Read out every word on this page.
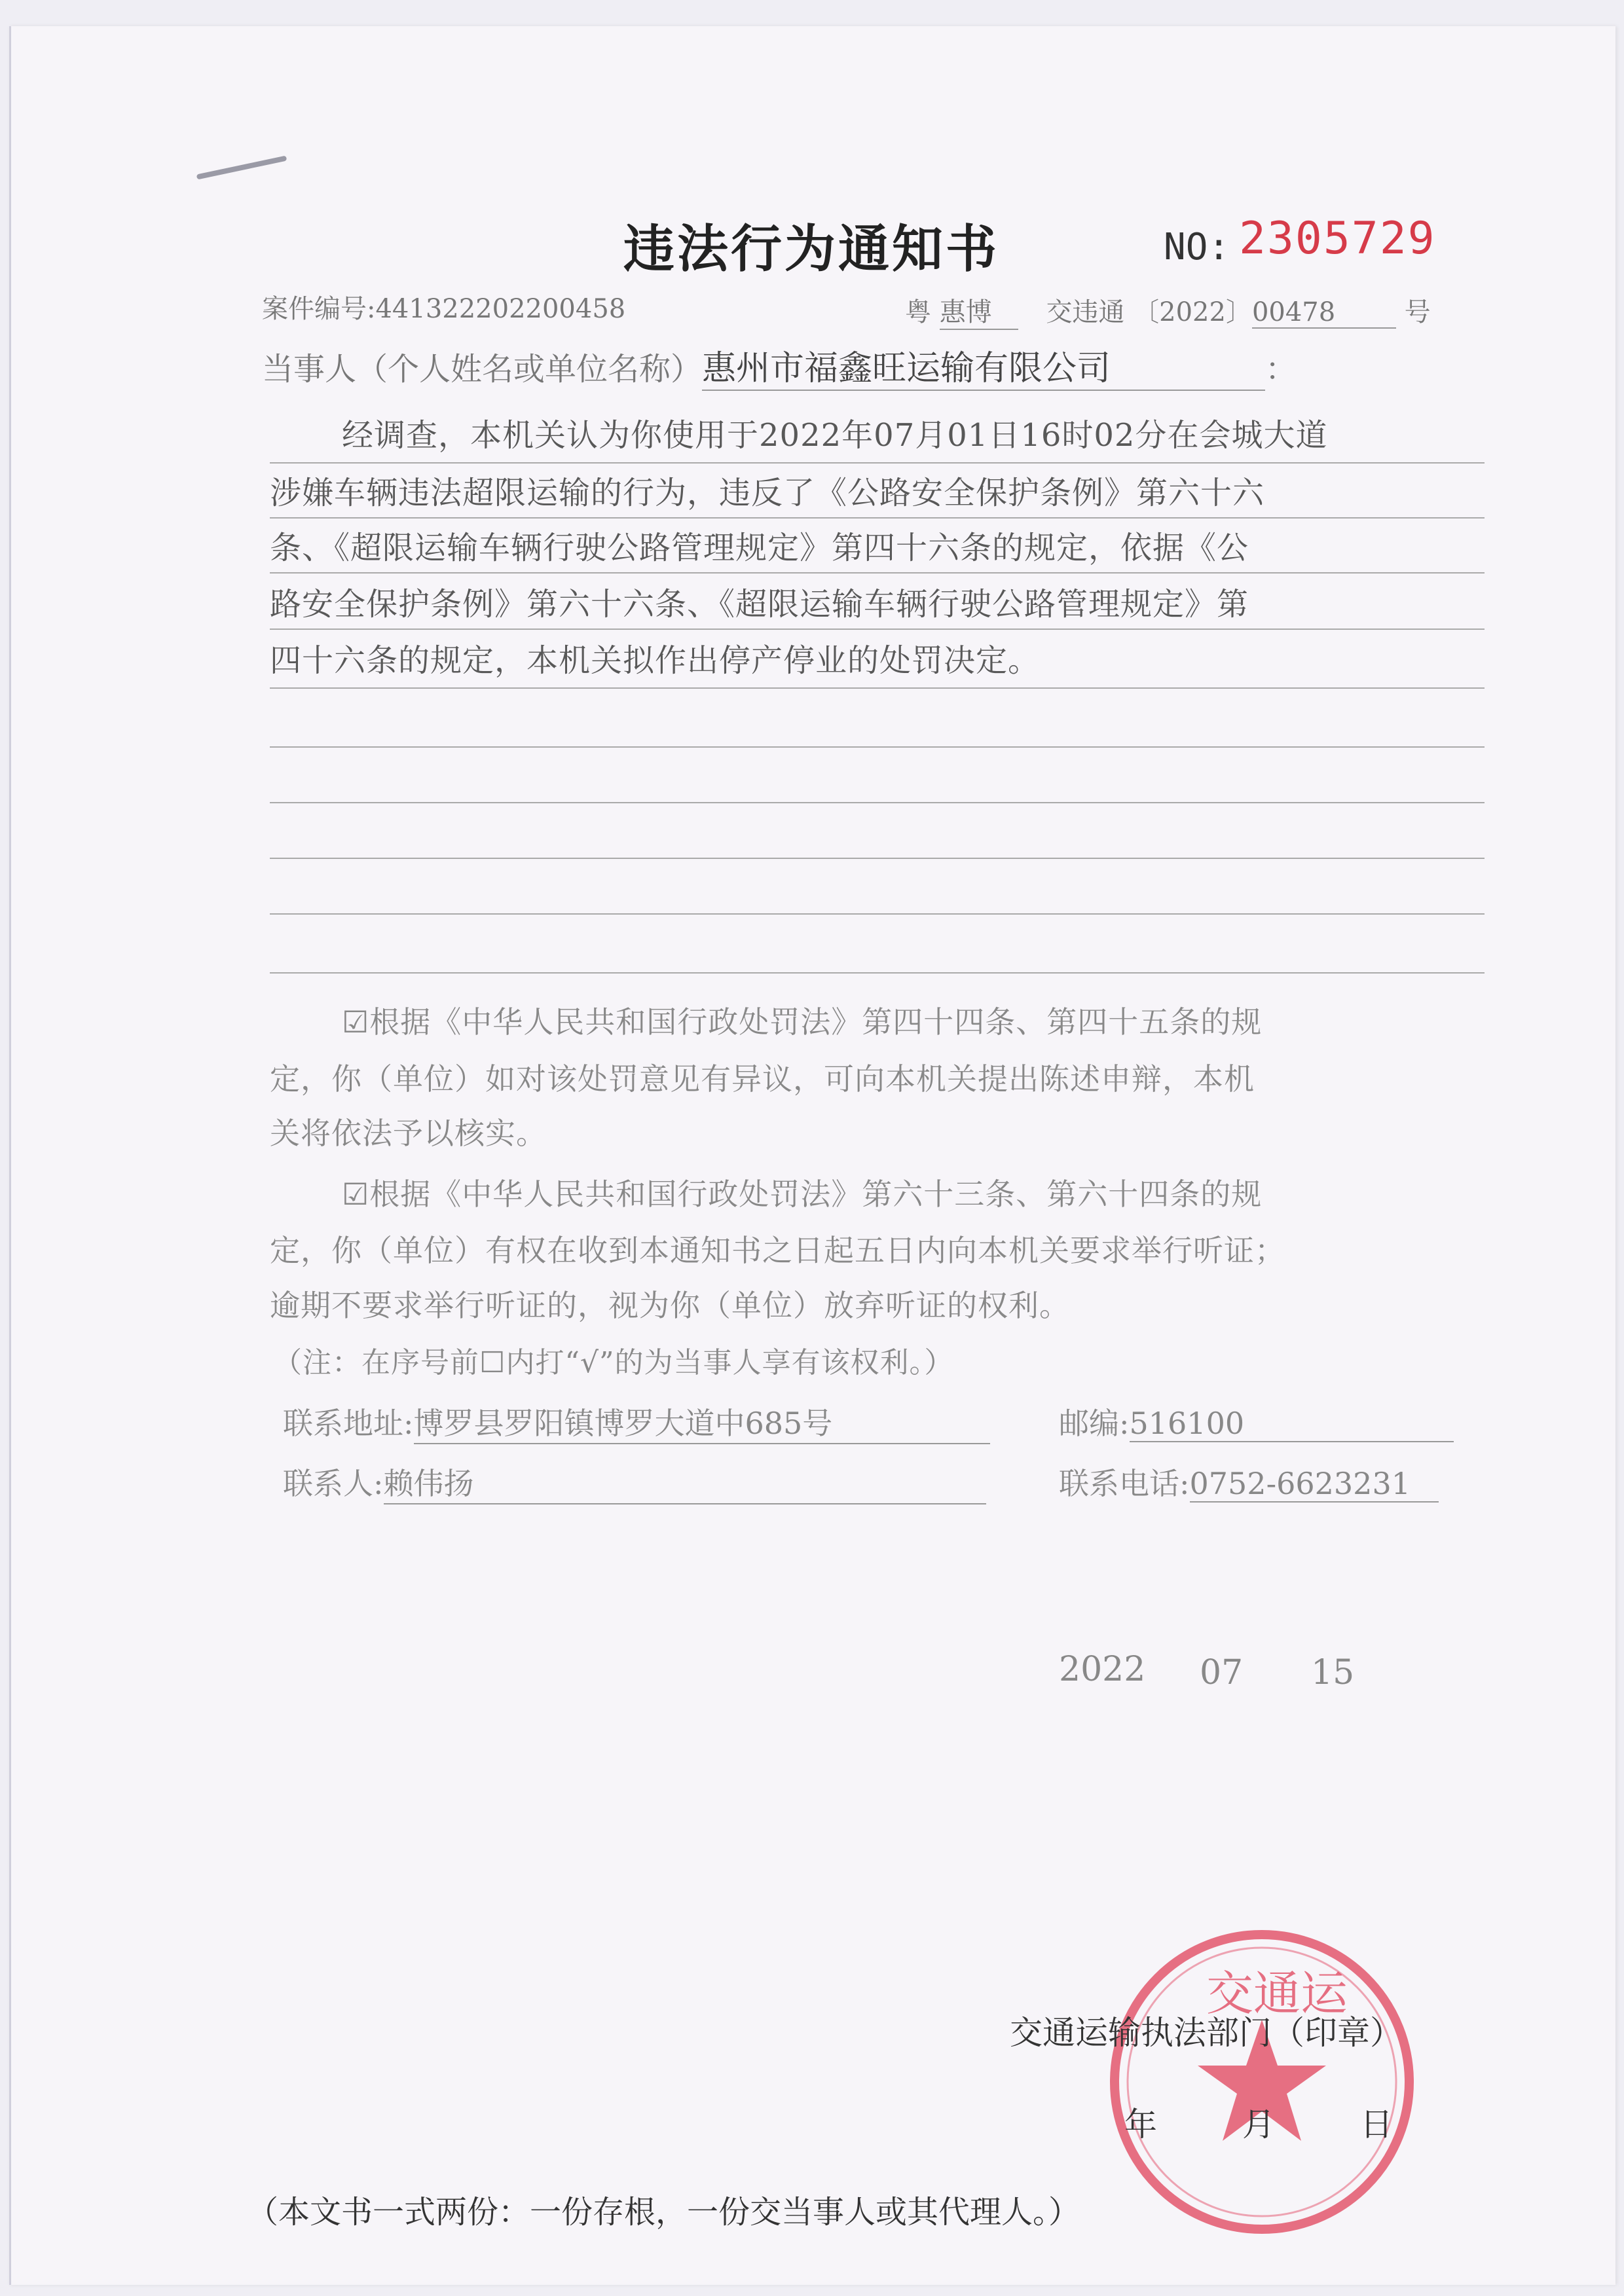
违法行为通知书	NO: 2305729
案件编号:441322202200458	粤 惠博 交违通 〔2022〕00478	号
当事人（个人姓名或单位名称）惠州市福鑫旺运输有限公司	：
经调查，本机关认为你使用于2022年07月01日16时02分在会城大道
涉嫌车辆违法超限运输的行为，违反了《公路安全保护条例》第六十六
条、《超限运输车辆行驶公路管理规定》第四十六条的规定，依据《公
路安全保护条例》第六十六条、《超限运输车辆行驶公路管理规定》第
四十六条的规定，本机关拟作出停产停业的处罚决定。
☑根据《中华人民共和国行政处罚法》第四十四条、第四十五条的规
定，你（单位）如对该处罚意见有异议，可向本机关提出陈述申辩，本机
关将依法予以核实。
☑根据《中华人民共和国行政处罚法》第六十三条、第六十四条的规
定，你（单位）有权在收到本通知书之日起五日内向本机关要求举行听证；
逾期不要求举行听证的，视为你（单位）放弃听证的权利。
（注：在序号前☐内打“√”的为当事人享有该权利。）
联系地址:博罗县罗阳镇博罗大道中685号	邮编:516100
联系人:赖伟扬	联系电话:0752-6623231
2022 07 15
交通运
交通运输执法部门（印章）
年	月	日
（本文书一式两份：一份存根，一份交当事人或其代理人。）
